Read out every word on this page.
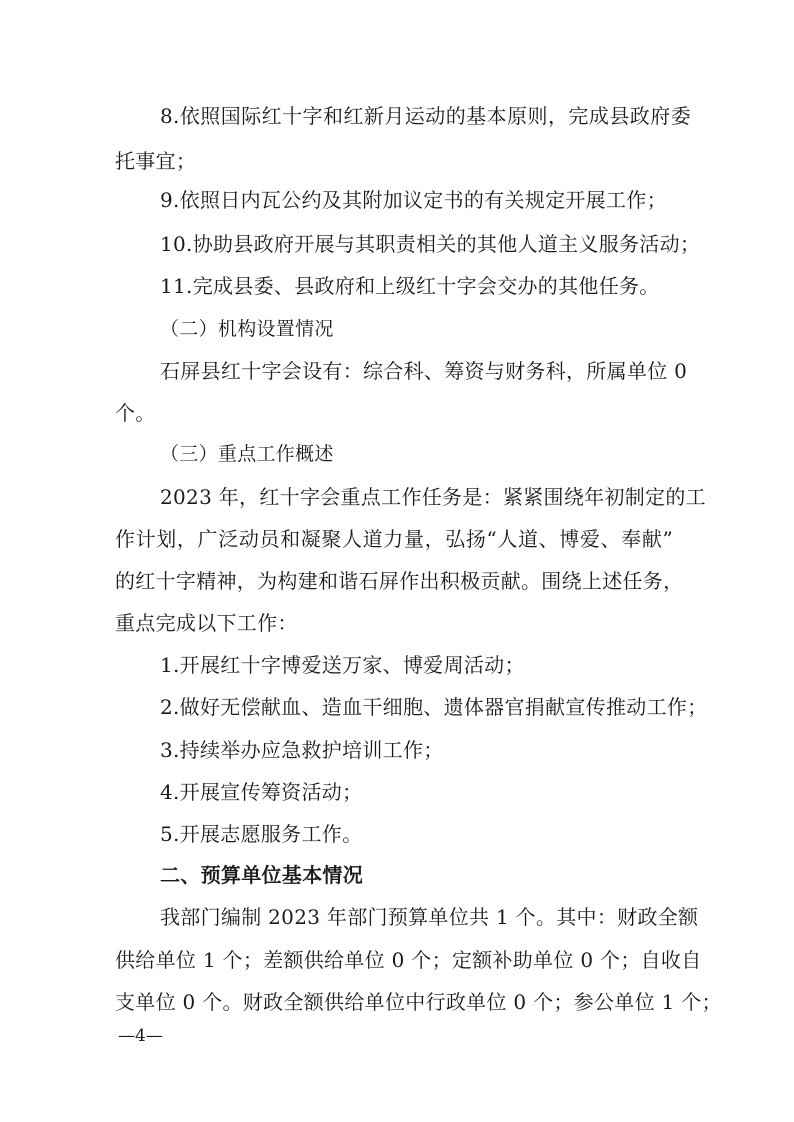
8.依照国际红十字和红新月运动的基本原则，完成县政府委
托事宜；
9.依照日内瓦公约及其附加议定书的有关规定开展工作；
10.协助县政府开展与其职责相关的其他人道主义服务活动；
11.完成县委、县政府和上级红十字会交办的其他任务。
（二）机构设置情况
石屏县红十字会设有：综合科、筹资与财务科，所属单位 0
个。
（三）重点工作概述
2023 年，红十字会重点工作任务是：紧紧围绕年初制定的工
作计划，广泛动员和凝聚人道力量，弘扬“人道、博爱、奉献”
的红十字精神，为构建和谐石屏作出积极贡献。围绕上述任务，
重点完成以下工作：
1.开展红十字博爱送万家、博爱周活动；
2.做好无偿献血、造血干细胞、遗体器官捐献宣传推动工作；
3.持续举办应急救护培训工作；
4.开展宣传筹资活动；
5.开展志愿服务工作。
二、预算单位基本情况
我部门编制 2023 年部门预算单位共 1 个。其中：财政全额
供给单位 1 个；差额供给单位 0 个；定额补助单位 0 个；自收自
支单位 0 个。财政全额供给单位中行政单位 0 个；参公单位 1 个；
—4—
